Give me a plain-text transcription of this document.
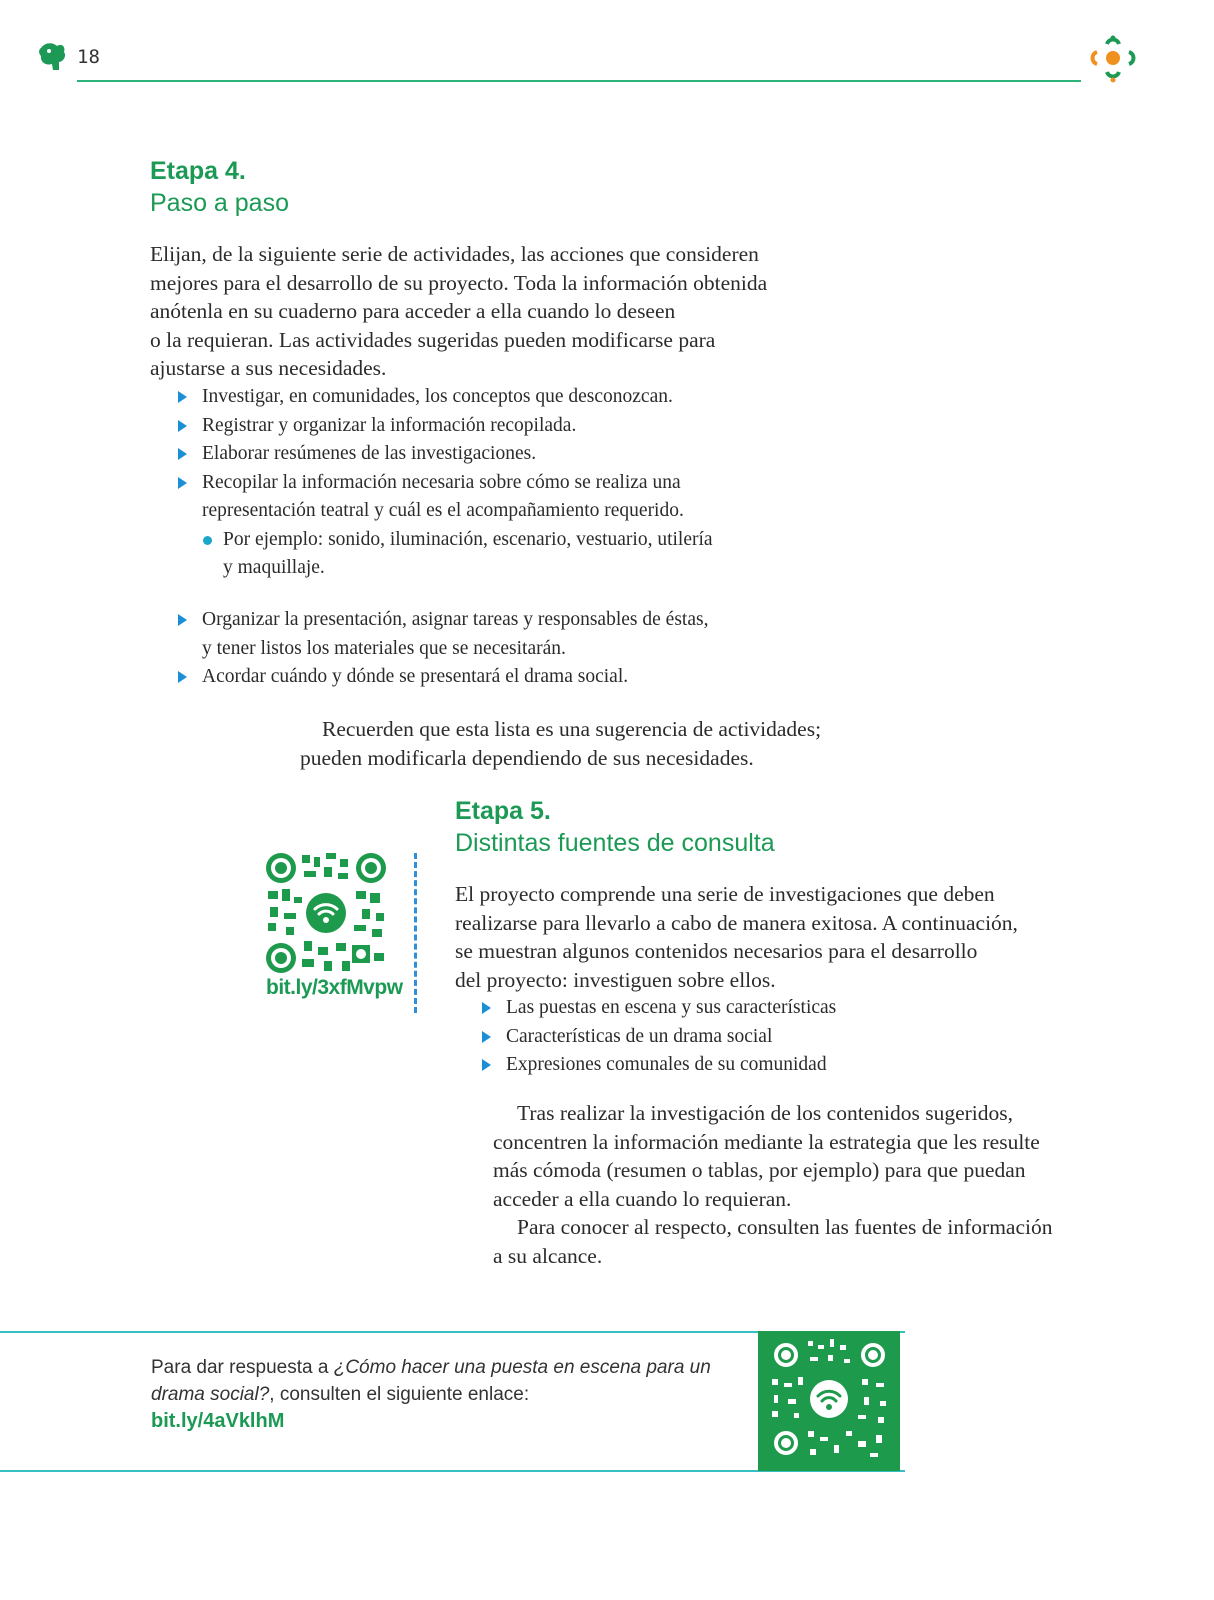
18
Etapa 4.
Paso a paso

Elijan, de la siguiente serie de actividades, las acciones que consideren

mejores para el desarrollo de su proyecto. Toda la información obtenida

anótenla en su cuaderno para acceder a ella cuando lo deseen

o la requieran. Las actividades sugeridas pueden modificarse para

ajustarse a sus necesidades.

Investigar, en comunidades, los conceptos que desconozcan.
Registrar y organizar la información recopilada.
Elaborar resúmenes de las investigaciones.
Recopilar la información necesaria sobre cómo se realiza una
representación teatral y cuál es el acompañamiento requerido.
Por ejemplo: sonido, iluminación, escenario, vestuario, utilería
y maquillaje.
Organizar la presentación, asignar tareas y responsables de éstas,
y tener listos los materiales que se necesitarán.
Acordar cuándo y dónde se presentará el drama social.

Recuerden que esta lista es una sugerencia de actividades;

pueden modificarla dependiendo de sus necesidades.

bit.ly/3xfMvpw
Etapa 5.
Distintas fuentes de consulta

El proyecto comprende una serie de investigaciones que deben

realizarse para llevarlo a cabo de manera exitosa. A continuación,

se muestran algunos contenidos necesarios para el desarrollo

del proyecto: investiguen sobre ellos.

Las puestas en escena y sus características
Características de un drama social
Expresiones comunales de su comunidad

Tras realizar la investigación de los contenidos sugeridos,

concentren la información mediante la estrategia que les resulte

más cómoda (resumen o tablas, por ejemplo) para que puedan

acceder a ella cuando lo requieran.

Para conocer al respecto, consulten las fuentes de información

a su alcance.

Para dar respuesta a ¿Cómo hacer una puesta en escena para un
drama social?, consulten el siguiente enlace:
bit.ly/4aVklhM
